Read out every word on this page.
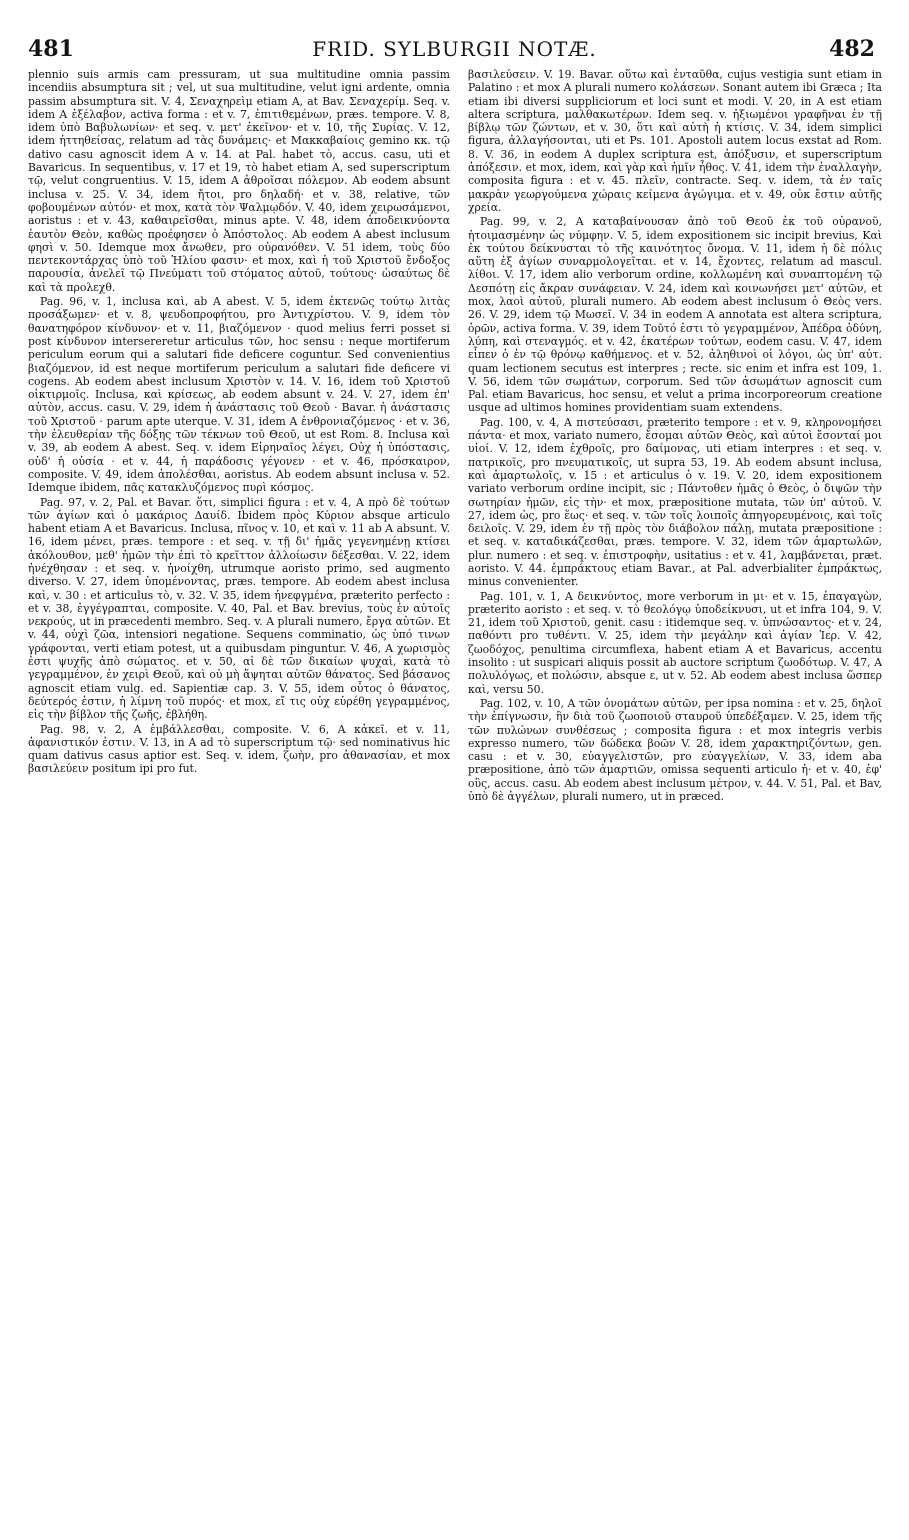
481	FRID. SYLBURGII NOTÆ.	482

plennio suis armis cam pressuram, ut sua multitudine omnia passim incendiis absumptura sit ; vel, ut sua multitudine, velut igni ardente, omnia passim absumptura sit. V. 4, Σεναχηρεὶμ etiam A, at Bav. Σεναχερίμ. Seq. v. idem A ἐξέλαβον, activa forma : et v. 7, ἐπιτιθεμένων, præs. tempore. V. 8, idem ὑπὸ Βαβυλωνίων· et seq. v. μετ' ἐκεῖνον· et v. 10, τῆς Συρίας. V. 12, idem ἡττηθείσας, relatum ad τὰς δυνάμεις· et Μακκαβαίοις gemino κκ. τῷ dativo casu agnoscit idem A v. 14. at Pal. habet τὸ, accus. casu, uti et Bavaricus. In sequentibus, v. 17 et 19, τὸ habet etiam A, sed superscriptum τῷ, velut congruentius. V. 15, idem A ἀθροῖσαι πόλεμον. Ab eodem absunt inclusa v. 25. V. 34, idem ἤτοι, pro δηλαδή· et v. 38, relative, τῶν φοβουμένων αὐτόν· et mox, κατὰ τὸν Ψαλμῳδόν. V. 40, idem χειρωσάμενοι, aoristus : et v. 43, καθαιρεῖσθαι, minus apte. V. 48, idem ἀποδεικνύοντα ἑαυτὸν Θεὸν, καθὼς προέφησεν ὁ Ἀπόστολος. Ab eodem A abest inclusum φησὶ v. 50. Idemque mox ἄνωθεν, pro οὐρανόθεν. V. 51 idem, τοὺς δύο πεντεκοντάρχας ὑπὸ τοῦ Ἡλίου φασιν· et mox, καὶ ἡ τοῦ Χριστοῦ ἔνδοξος παρουσία, ἀνελεῖ τῷ Πνεύματι τοῦ στόματος αὐτοῦ, τούτους· ὡσαύτως δὲ καὶ τὰ προλεχθ.

Pag. 96, v. 1, inclusa καὶ, ab A abest. V. 5, idem ἐκτενῶς τούτῳ λιτὰς προσάξωμεν· et v. 8, ψευδοπροφήτου, pro Ἀντιχρίστου. V. 9, idem τὸν θανατηφόρον κίνδυνον· et v. 11, βιαζόμενον · quod melius ferri posset si post κίνδυνον intersereretur articulus τῶν, hoc sensu : neque mortiferum periculum eorum qui a salutari fide deficere coguntur. Sed convenientius βιαζόμενον, id est neque mortiferum periculum a salutari fide deficere vi cogens. Ab eodem abest inclusum Χριστὸν v. 14. V. 16, idem τοῦ Χριστοῦ οἰκτιρμοῖς. Inclusa, καὶ κρίσεως, ab eodem absunt v. 24. V. 27, idem ἐπ' αὐτὸν, accus. casu. V. 29, idem ἡ ἀνάστασις τοῦ Θεοῦ · Bavar. ἡ ἀνάστασις τοῦ Χριστοῦ · parum apte uterque. V. 31, idem A ἐνθρονιαζόμενος · et v. 36, τὴν ἐλευθερίαν τῆς δόξης τῶν τέκνων τοῦ Θεοῦ, ut est Rom. 8. Inclusa καὶ v. 39, ab eodem A abest. Seq. v. idem Εἰρηναῖος λέγει, Οὐχ ἡ ὑπόστασις, οὐδ' ἡ οὐσία · et v. 44, ἡ παράδοσις γέγονεν · et v. 46, πρόσκαιρον, composite. V. 49, idem ἀπολέσθαι, aoristus. Ab eodem absunt inclusa v. 52. Idemque ibidem, πᾶς κατακλυζόμενος πυρὶ κόσμος.

Pag. 97, v. 2, Pal. et Bavar. ὅτι, simplici figura : et v. 4, A πρὸ δὲ τούτων τῶν ἁγίων καὶ ὁ μακάριος Δαυίδ. Ibidem πρὸς Κύριον absque articulo habent etiam A et Bavaricus. Inclusa, πῖνος v. 10, et καὶ v. 11 ab A absunt. V. 16, idem μένει, præs. tempore : et seq. v. τῇ δι' ἡμᾶς γεγενημένῃ κτίσει ἀκόλουθον, μεθ' ἡμῶν τὴν ἐπὶ τὸ κρεῖττον ἀλλοίωσιν δέξεσθαι. V. 22, idem ἠνέχθησαν : et seq. v. ἠνοίχθη, utrumque aoristo primo, sed augmento diverso. V. 27, idem ὑπομένοντας, præs. tempore. Ab eodem abest inclusa καὶ, v. 30 : et articulus τὸ, v. 32. V. 35, idem ἠνεφγμένα, præterito perfecto : et v. 38, ἐγγέγραπται, composite. V. 40, Pal. et Bav. brevius, τοὺς ἐν αὐτοῖς νεκρούς, ut in præcedenti membro. Seq. v. A plurali numero, ἔργα αὐτῶν. Et v. 44, οὐχὶ ζῶα, intensiori negatione. Sequens comminatio, ὡς ὑπό τινων γράφονται, verti etiam potest, ut a quibusdam pinguntur. V. 46, A χωρισμὸς ἐστι ψυχῆς ἀπὸ σώματος. et v. 50, αἱ δὲ τῶν δικαίων ψυχαὶ, κατὰ τὸ γεγραμμένον, ἐν χειρὶ Θεοῦ, καὶ οὐ μὴ ἅψηται αὐτῶν θάνατος. Sed βάσανος agnoscit etiam vulg. ed. Sapientiæ cap. 3. V. 55, idem οὗτος ὁ θάνατος, δεύτερός ἐστιν, ἡ λίμνη τοῦ πυρός· et mox, εἴ τις οὐχ εὑρέθη γεγραμμένος, εἰς τὴν βίβλον τῆς ζωῆς, ἐβλήθη.

Pag. 98, v. 2, A ἐμβάλλεσθαι, composite. V. 6, A κἀκεῖ. et v. 11, ἀφανιστικόν ἐστιν. V. 13, in A ad τὸ superscriptum τῷ· sed nominativus hic quam dativus casus aptior est. Seq. v. idem, ζωὴν, pro ἀθανασίαν, et mox βασιλεύειν positum ipi pro fut.

βασιλεύσειν. V. 19. Bavar. οὕτω καὶ ἐνταῦθα, cujus vestigia sunt etiam in Palatino : et mox A plurali numero κολάσεων. Sonant autem ibi Græca ; Ita etiam ibi diversi suppliciorum et loci sunt et modi. V. 20, in A est etiam altera scriptura, μαλθακωτέρων. Idem seq. v. ἠξιωμένοι γραφῆναι ἐν τῇ βίβλῳ τῶν ζώντων, et v. 30, ὅτι καὶ αὐτὴ ἡ κτίσις. V. 34, idem simplici figura, ἀλλαγήσονται, uti et Ps. 101. Apostoli autem locus exstat ad Rom. 8. V. 36, in eodem A duplex scriptura est, ἀπόξυσιν, et superscriptum ἀπόξεσιν. et mox, idem, καὶ γὰρ καὶ ἡμῖν ἦθος. V. 41, idem τὴν ἐναλλαγὴν, composita figura : et v. 45. πλεῖν, contracte. Seq. v. idem, τὰ ἐν ταῖς μακρὰν γεωργούμενα χώραις κείμενα ἀγώγιμα. et v. 49, οὐκ ἔστιν αὐτῆς χρεία.

Pag. 99, v. 2, A καταβαίνουσαν ἀπὸ τοῦ Θεοῦ ἐκ τοῦ οὐρανοῦ, ἡτοιμασμένην ὡς νύμφην. V. 5, idem expositionem sic incipit brevius, Καὶ ἐκ τούτου δείκνυσται τὸ τῆς καινότητος ὄνομα. V. 11, idem ἡ δὲ πόλις αὕτη ἐξ ἁγίων συναρμολογεῖται. et v. 14, ἔχοντες, relatum ad mascul. λίθοι. V. 17, idem alio verborum ordine, κολλωμένη καὶ συναπτομένη τῷ Δεσπότῃ εἰς ἄκραν συνάφειαν. V. 24, idem καὶ κοινωνήσει μετ' αὐτῶν, et mox, λαοὶ αὐτοῦ, plurali numero. Ab eodem abest inclusum ὁ Θεὸς vers. 26. V. 29, idem τῷ Μωσεῖ. V. 34 in eodem A annotata est altera scriptura, ὁρῶν, activa forma. V. 39, idem Τοῦτό ἐστι τὸ γεγραμμένον, Ἀπέδρα ὀδύνη, λύπη, καὶ στεναγμός. et v. 42, ἑκατέρων τούτων, eodem casu. V. 47, idem εἶπεν ὁ ἐν τῷ θρόνῳ καθήμενος. et v. 52, ἀληθινοὶ οἱ λόγοι, ὡς ὑπ' αὐτ. quam lectionem secutus est interpres ; recte. sic enim et infra est 109, 1. V. 56, idem τῶν σωμάτων, corporum. Sed τῶν ἀσωμάτων agnoscit cum Pal. etiam Bavaricus, hoc sensu, et velut a prima incorporeorum creatione usque ad ultimos homines providentiam suam extendens.

Pag. 100, v. 4, A πιστεύσασι, præterito tempore : et v. 9, κληρονομήσει πάντα· et mox, variato numero, ἔσομαι αὐτῶν Θεὸς, καὶ αὐτοὶ ἔσονταί μοι υἱοί. V. 12, idem ἐχθροῖς, pro δαίμονας, uti etiam interpres : et seq. v. πατρικοῖς, pro πνευματικοῖς, ut supra 53, 19. Ab eodem absunt inclusa, καὶ ἁμαρτωλοῖς, v. 15 : et articulus ὁ v. 19. V. 20, idem expositionem variato verborum ordine incipit, sic ; Πάντοθεν ἡμᾶς ὁ Θεὸς, ὁ διψῶν τὴν σωτηρίαν ἡμῶν, εἰς τὴν· et mox, præpositione mutata, τῶν ὑπ' αὐτοῦ. V. 27, idem ὡς, pro ἕως· et seq. v. τῶν τοῖς λοιποῖς ἀπηγορευμένοις, καὶ τοῖς δειλοῖς. V. 29, idem ἐν τῇ πρὸς τὸν διάβολον πάλῃ, mutata præpositione : et seq. v. καταδικάζεσθαι, præs. tempore. V. 32, idem τῶν ἁμαρτωλῶν, plur. numero : et seq. v. ἐπιστροφὴν, usitatius : et v. 41, λαμβάνεται, præt. aoristo. V. 44. ἐμπράκτους etiam Bavar., at Pal. adverbialiter ἐμπράκτως, minus convenienter.

Pag. 101, v. 1, A δεικνύντος, more verborum in μι· et v. 15, ἐπαγαγὼν, præterito aoristo : et seq. v. τὸ θεολόγῳ ὑποδείκνυσι, ut et infra 104, 9. V. 21, idem τοῦ Χριστοῦ, genit. casu : itidemque seq. v. ὑπνώσαντος· et v. 24, παθόντι pro τυθέντι. V. 25, idem τὴν μεγάλην καὶ ἁγίαν Ἱερ. V. 42, ζωοδόχος, penultima circumflexa, habent etiam A et Bavaricus, accentu insolito : ut suspicari aliquis possit ab auctore scriptum ζωοδότωρ. V. 47, A πολυλόγως, et πολώσιν, absque ε, ut v. 52. Ab eodem abest inclusa ὥσπερ καὶ, versu 50.

Pag. 102, v. 10, A τῶν ὀνομάτων αὐτῶν, per ipsa nomina : et v. 25, δηλοῖ τὴν ἐπίγνωσιν, ἣν διὰ τοῦ ζωοποιοῦ σταυροῦ ὑπεδέξαμεν. V. 25, idem τῆς τῶν πυλώνων συνθέσεως ; composita figura : et mox integris verbis expresso numero, τῶν δώδεκα βοῶν V. 28, idem χαρακτηριζόντων, gen. casu : et v. 30, εὐαγγελιστῶν, pro εὐαγγελίων, V. 33, idem aba præpositione, ἀπὸ τῶν ἁμαρτιῶν, omissa sequenti articulo ἡ· et v. 40, ἐφ' οὓς, accus. casu. Ab eodem abest inclusum μέτρον, v. 44. V. 51, Pal. et Bav, ὑπὸ δὲ ἀγγέλων, plurali numero, ut in præced.
